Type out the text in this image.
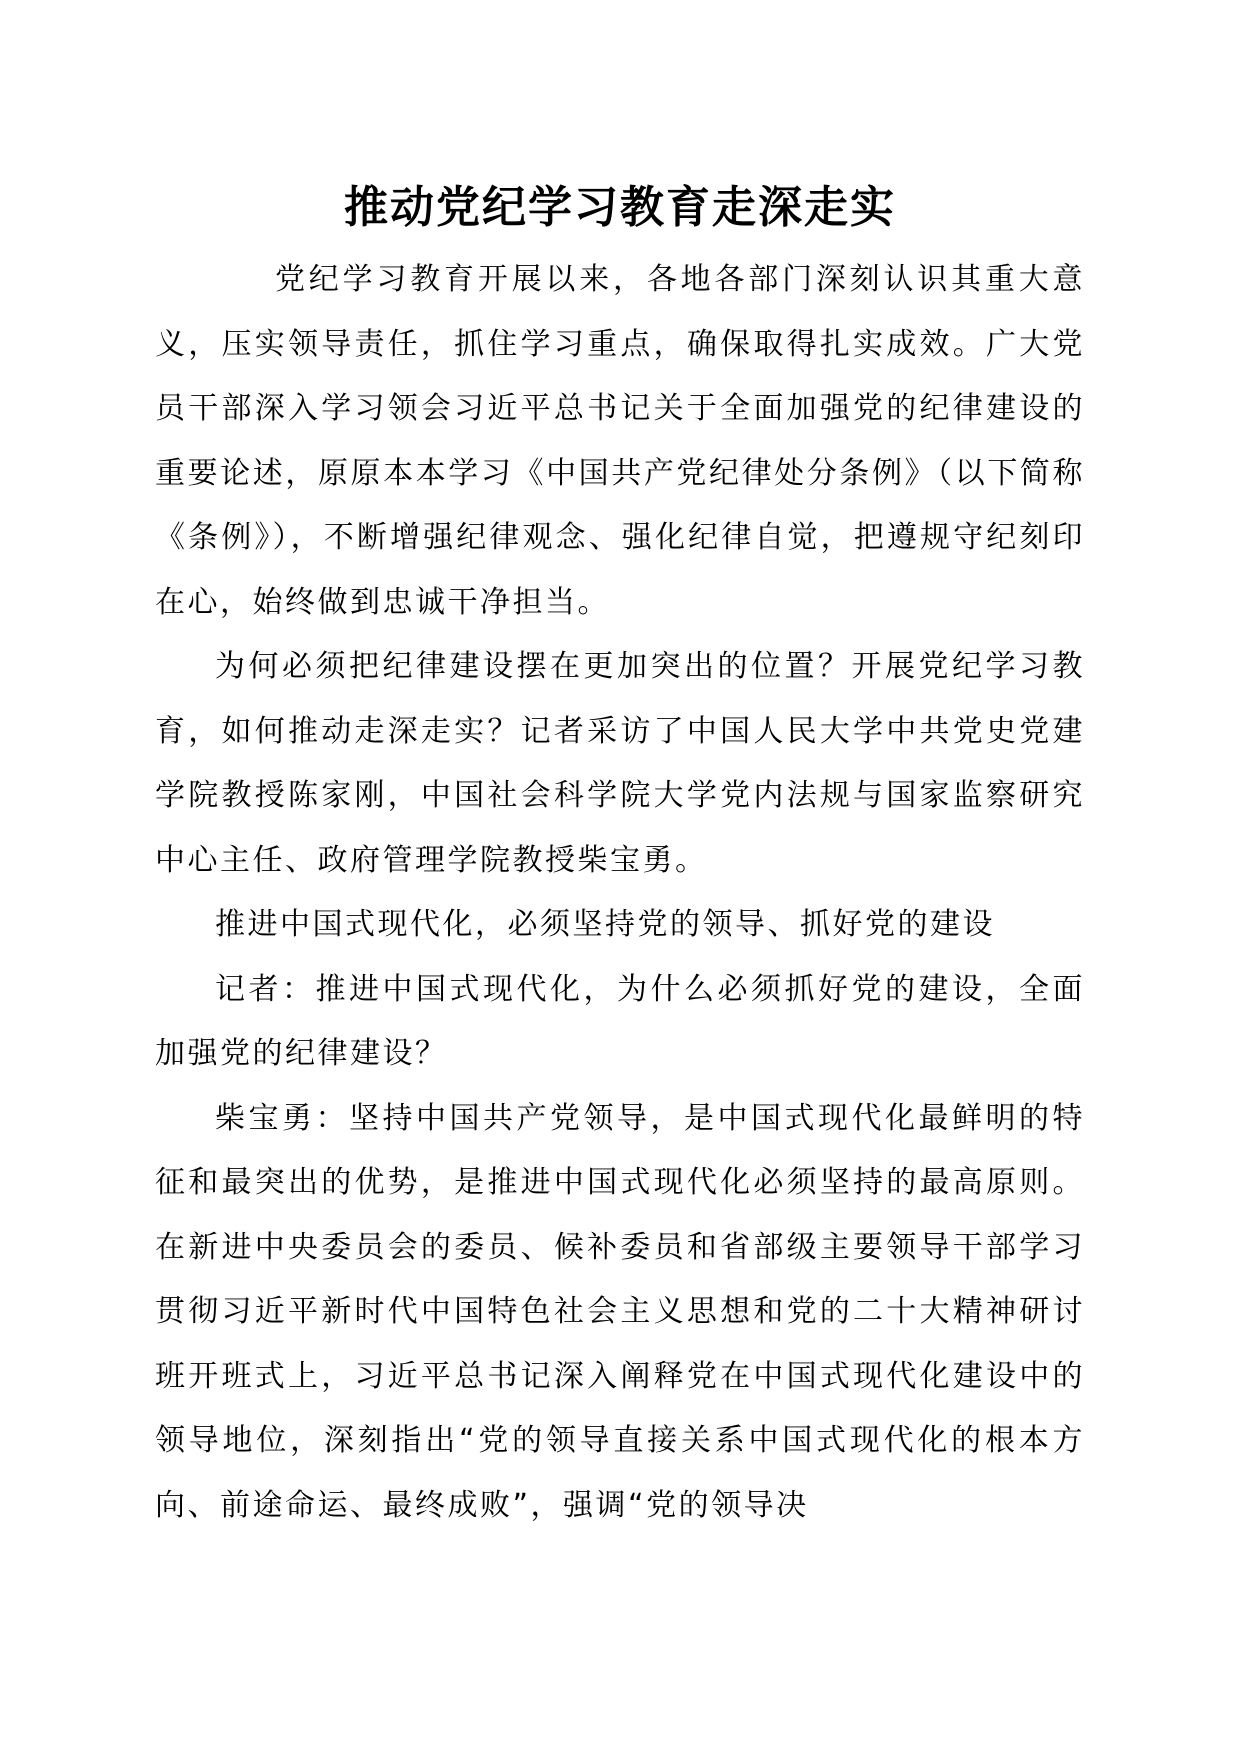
推动党纪学习教育走深走实

党纪学习教育开展以来，各地各部门深刻认识其重大意义，压实领导责任，抓住学习重点，确保取得扎实成效。广大党员干部深入学习领会习近平总书记关于全面加强党的纪律建设的重要论述，原原本本学习《中国共产党纪律处分条例》（以下简称《条例》），不断增强纪律观念、强化纪律自觉，把遵规守纪刻印在心，始终做到忠诚干净担当。

为何必须把纪律建设摆在更加突出的位置？开展党纪学习教育，如何推动走深走实？记者采访了中国人民大学中共党史党建学院教授陈家刚，中国社会科学院大学党内法规与国家监察研究中心主任、政府管理学院教授柴宝勇。

推进中国式现代化，必须坚持党的领导、抓好党的建设

记者：推进中国式现代化，为什么必须抓好党的建设，全面加强党的纪律建设？

柴宝勇：坚持中国共产党领导，是中国式现代化最鲜明的特征和最突出的优势，是推进中国式现代化必须坚持的最高原则。在新进中央委员会的委员、候补委员和省部级主要领导干部学习贯彻习近平新时代中国特色社会主义思想和党的二十大精神研讨班开班式上，习近平总书记深入阐释党在中国式现代化建设中的领导地位，深刻指出“党的领导直接关系中国式现代化的根本方向、前途命运、最终成败”，强调“党的领导决
